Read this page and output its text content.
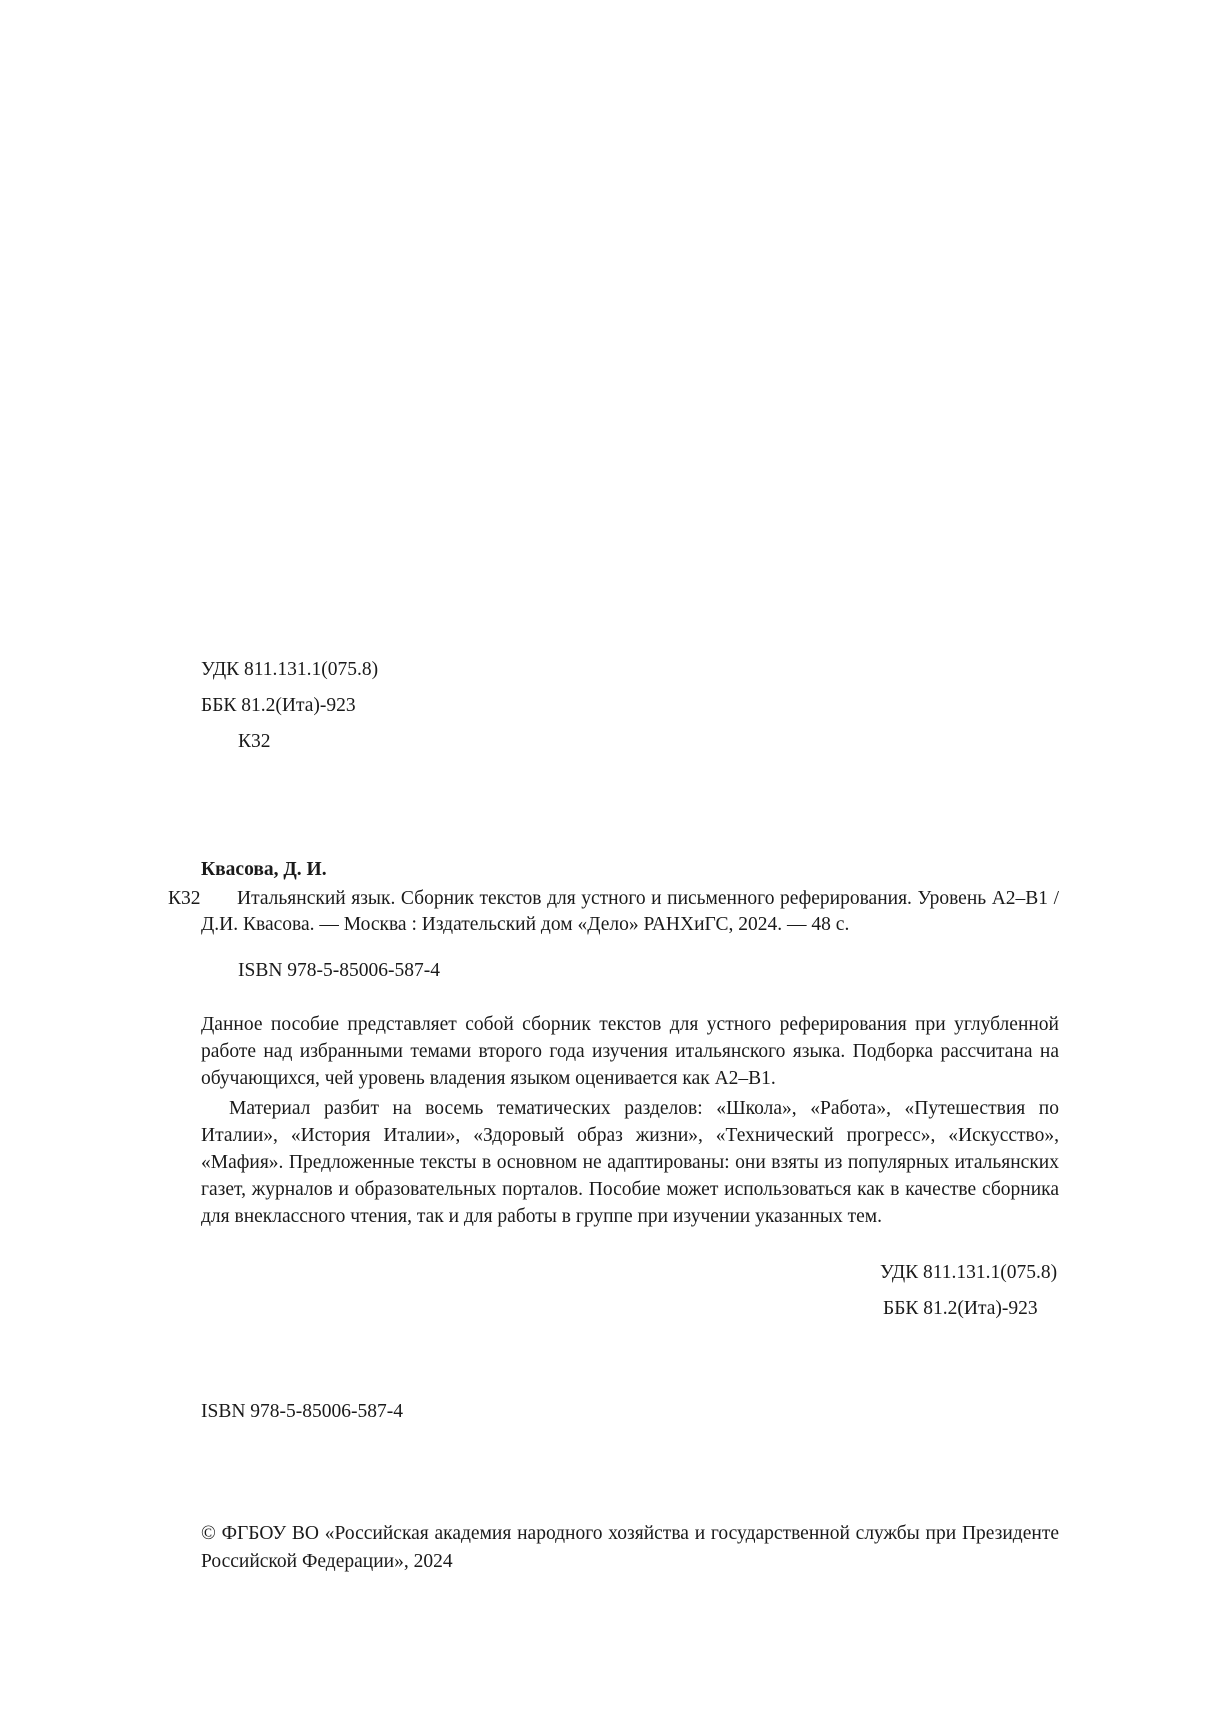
УДК 811.131.1(075.8)
ББК 81.2(Ита)-923
К32
Квасова, Д. И.
К32	Итальянский язык. Сборник текстов для устного и письменного реферирования. Уровень А2–В1 / Д.И. Квасова. — Москва : Издательский дом «Дело» РАНХиГС, 2024. — 48 с.
ISBN 978-5-85006-587-4
Данное пособие представляет собой сборник текстов для устного реферирования при углубленной работе над избранными темами второго года изучения итальянского языка. Подборка рассчитана на обучающихся, чей уровень владения языком оценивается как А2–В1.
Материал разбит на восемь тематических разделов: «Школа», «Работа», «Путешествия по Италии», «История Италии», «Здоровый образ жизни», «Технический прогресс», «Искусство», «Мафия». Предложенные тексты в основном не адаптированы: они взяты из популярных итальянских газет, журналов и образовательных порталов. Пособие может использоваться как в качестве сборника для внеклассного чтения, так и для работы в группе при изучении указанных тем.
УДК 811.131.1(075.8)
ББК 81.2(Ита)-923
ISBN 978-5-85006-587-4
© ФГБОУ ВО «Российская академия народного хозяйства и государственной службы при Президенте Российской Федерации», 2024
